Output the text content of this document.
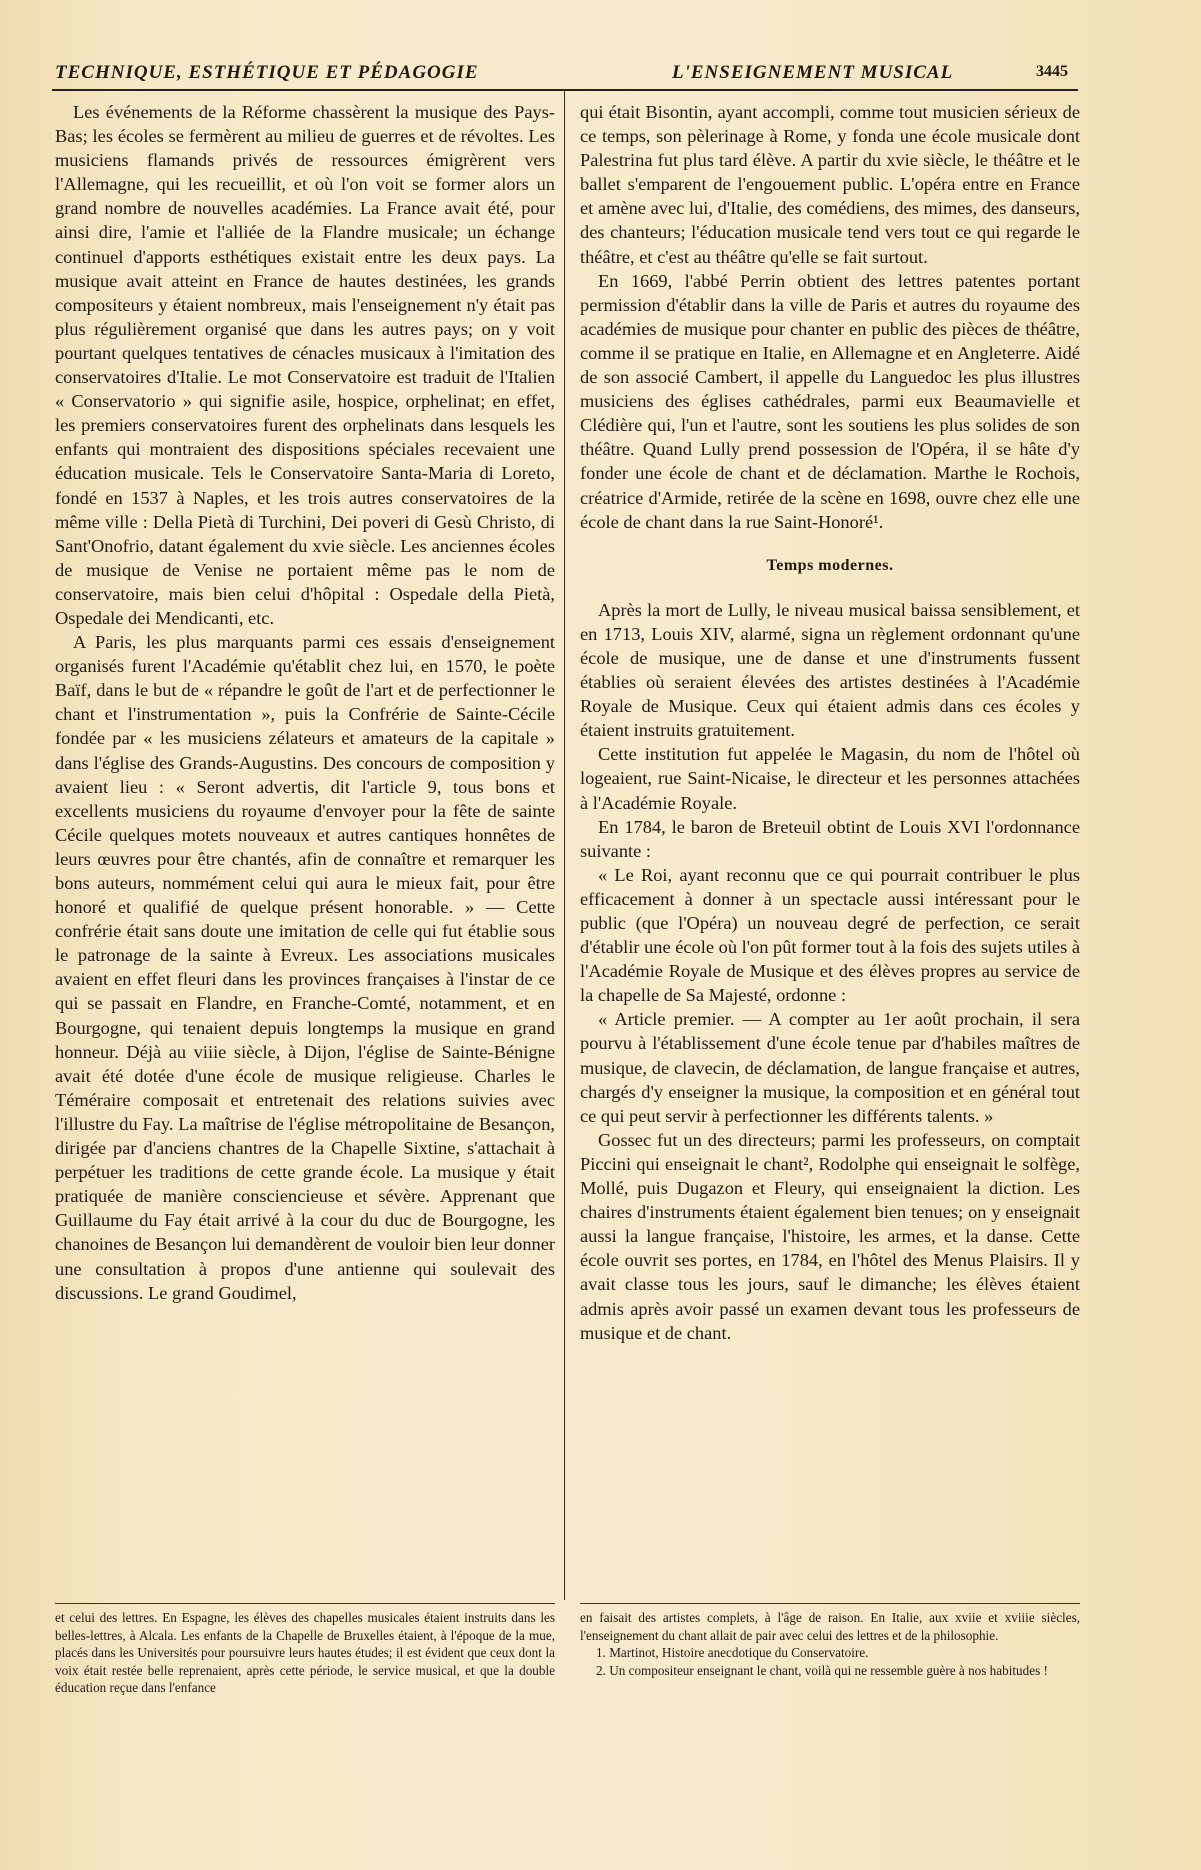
TECHNIQUE, ESTHÉTIQUE ET PÉDAGOGIE	L'ENSEIGNEMENT MUSICAL	3445

Les événements de la Réforme chassèrent la musique des Pays-Bas; les écoles se fermèrent au milieu de guerres et de révoltes. Les musiciens flamands privés de ressources émigrèrent vers l'Allemagne, qui les recueillit, et où l'on voit se former alors un grand nombre de nouvelles académies. La France avait été, pour ainsi dire, l'amie et l'alliée de la Flandre musicale; un échange continuel d'apports esthétiques existait entre les deux pays. La musique avait atteint en France de hautes destinées, les grands compositeurs y étaient nombreux, mais l'enseignement n'y était pas plus régulièrement organisé que dans les autres pays; on y voit pourtant quelques tentatives de cénacles musicaux à l'imitation des conservatoires d'Italie. Le mot Conservatoire est traduit de l'Italien « Conservatorio » qui signifie asile, hospice, orphelinat; en effet, les premiers conservatoires furent des orphelinats dans lesquels les enfants qui montraient des dispositions spéciales recevaient une éducation musicale. Tels le Conservatoire Santa-Maria di Loreto, fondé en 1537 à Naples, et les trois autres conservatoires de la même ville : Della Pietà di Turchini, Dei poveri di Gesù Christo, di Sant'Onofrio, datant également du xvie siècle. Les anciennes écoles de musique de Venise ne portaient même pas le nom de conservatoire, mais bien celui d'hôpital : Ospedale della Pietà, Ospedale dei Mendicanti, etc.

A Paris, les plus marquants parmi ces essais d'enseignement organisés furent l'Académie qu'établit chez lui, en 1570, le poète Baïf, dans le but de « répandre le goût de l'art et de perfectionner le chant et l'instrumentation », puis la Confrérie de Sainte-Cécile fondée par « les musiciens zélateurs et amateurs de la capitale » dans l'église des Grands-Augustins. Des concours de composition y avaient lieu : « Seront advertis, dit l'article 9, tous bons et excellents musiciens du royaume d'envoyer pour la fête de sainte Cécile quelques motets nouveaux et autres cantiques honnêtes de leurs œuvres pour être chantés, afin de connaître et remarquer les bons auteurs, nommément celui qui aura le mieux fait, pour être honoré et qualifié de quelque présent honorable. » — Cette confrérie était sans doute une imitation de celle qui fut établie sous le patronage de la sainte à Evreux. Les associations musicales avaient en effet fleuri dans les provinces françaises à l'instar de ce qui se passait en Flandre, en Franche-Comté, notamment, et en Bourgogne, qui tenaient depuis longtemps la musique en grand honneur. Déjà au viiie siècle, à Dijon, l'église de Sainte-Bénigne avait été dotée d'une école de musique religieuse. Charles le Téméraire composait et entretenait des relations suivies avec l'illustre du Fay. La maîtrise de l'église métropolitaine de Besançon, dirigée par d'anciens chantres de la Chapelle Sixtine, s'attachait à perpétuer les traditions de cette grande école. La musique y était pratiquée de manière consciencieuse et sévère. Apprenant que Guillaume du Fay était arrivé à la cour du duc de Bourgogne, les chanoines de Besançon lui demandèrent de vouloir bien leur donner une consultation à propos d'une antienne qui soulevait des discussions. Le grand Goudimel,

qui était Bisontin, ayant accompli, comme tout musicien sérieux de ce temps, son pèlerinage à Rome, y fonda une école musicale dont Palestrina fut plus tard élève. A partir du xvie siècle, le théâtre et le ballet s'emparent de l'engouement public. L'opéra entre en France et amène avec lui, d'Italie, des comédiens, des mimes, des danseurs, des chanteurs; l'éducation musicale tend vers tout ce qui regarde le théâtre, et c'est au théâtre qu'elle se fait surtout.

En 1669, l'abbé Perrin obtient des lettres patentes portant permission d'établir dans la ville de Paris et autres du royaume des académies de musique pour chanter en public des pièces de théâtre, comme il se pratique en Italie, en Allemagne et en Angleterre. Aidé de son associé Cambert, il appelle du Languedoc les plus illustres musiciens des églises cathédrales, parmi eux Beaumavielle et Clédière qui, l'un et l'autre, sont les soutiens les plus solides de son théâtre. Quand Lully prend possession de l'Opéra, il se hâte d'y fonder une école de chant et de déclamation. Marthe le Rochois, créatrice d'Armide, retirée de la scène en 1698, ouvre chez elle une école de chant dans la rue Saint-Honoré¹.

Temps modernes.

Après la mort de Lully, le niveau musical baissa sensiblement, et en 1713, Louis XIV, alarmé, signa un règlement ordonnant qu'une école de musique, une de danse et une d'instruments fussent établies où seraient élevées des artistes destinées à l'Académie Royale de Musique. Ceux qui étaient admis dans ces écoles y étaient instruits gratuitement.

Cette institution fut appelée le Magasin, du nom de l'hôtel où logeaient, rue Saint-Nicaise, le directeur et les personnes attachées à l'Académie Royale.

En 1784, le baron de Breteuil obtint de Louis XVI l'ordonnance suivante :

« Le Roi, ayant reconnu que ce qui pourrait contribuer le plus efficacement à donner à un spectacle aussi intéressant pour le public (que l'Opéra) un nouveau degré de perfection, ce serait d'établir une école où l'on pût former tout à la fois des sujets utiles à l'Académie Royale de Musique et des élèves propres au service de la chapelle de Sa Majesté, ordonne :

« Article premier. — A compter au 1er août prochain, il sera pourvu à l'établissement d'une école tenue par d'habiles maîtres de musique, de clavecin, de déclamation, de langue française et autres, chargés d'y enseigner la musique, la composition et en général tout ce qui peut servir à perfectionner les différents talents. »

Gossec fut un des directeurs; parmi les professeurs, on comptait Piccini qui enseignait le chant², Rodolphe qui enseignait le solfège, Mollé, puis Dugazon et Fleury, qui enseignaient la diction. Les chaires d'instruments étaient également bien tenues; on y enseignait aussi la langue française, l'histoire, les armes, et la danse. Cette école ouvrit ses portes, en 1784, en l'hôtel des Menus Plaisirs. Il y avait classe tous les jours, sauf le dimanche; les élèves étaient admis après avoir passé un examen devant tous les professeurs de musique et de chant.

et celui des lettres. En Espagne, les élèves des chapelles musicales étaient instruits dans les belles-lettres, à Alcala. Les enfants de la Chapelle de Bruxelles étaient, à l'époque de la mue, placés dans les Universités pour poursuivre leurs hautes études; il est évident que ceux dont la voix était restée belle reprenaient, après cette période, le service musical, et que la double éducation reçue dans l'enfance

en faisait des artistes complets, à l'âge de raison. En Italie, aux xviie et xviiie siècles, l'enseignement du chant allait de pair avec celui des lettres et de la philosophie.

1. Martinot, Histoire anecdotique du Conservatoire.

2. Un compositeur enseignant le chant, voilà qui ne ressemble guère à nos habitudes !
